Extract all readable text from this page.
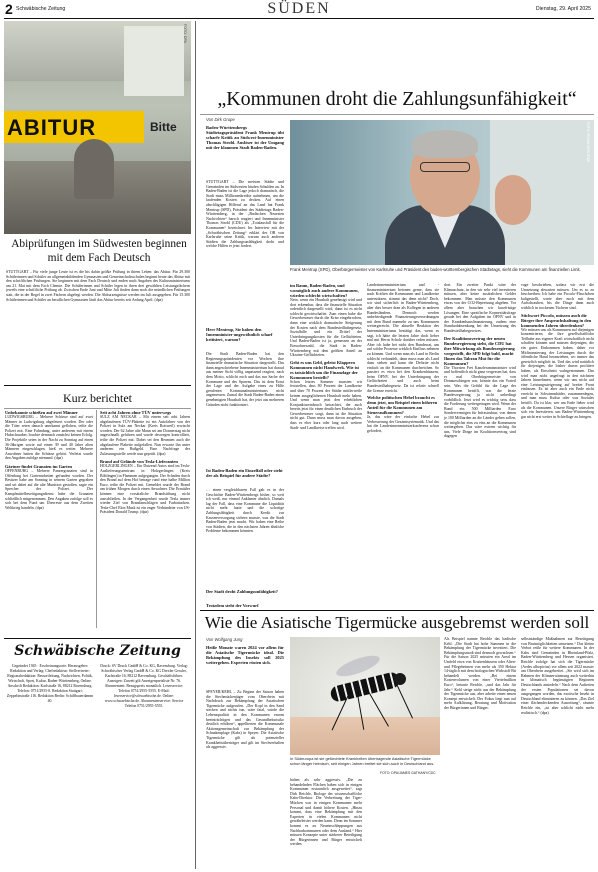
2 Schwäbische Zeitung	SÜDEN	Dienstag, 29. April 2025
ABITUR	Bitte
FOTO: DPA
Abiprüfungen im Südwesten beginnen mit dem Fach Deutsch
STUTTGART – Für viele junge Leute ist es die bis dahin größte Prüfung in ihrem Leben: das Abitur. Für 29.300 Schülerinnen und Schüler an allgemeinbildenden Gymnasien und Gemeinschaftsschulen beginnt heute das Abitur mit den schriftlichen Prüfungen. Sie beginnen mit dem Fach Deutsch und enden nach Angaben des Kultusministeriums am 21. Mai mit dem Fach Chemie. Die Schülerinnen und Schüler legen in ihren drei gewählten Leistungsfächern jeweils eine schriftliche Prüfung ab. Zwischen Ende Juni und Mitte Juli finden dann noch die mündlichen Prüfungen statt, die in der Regel in zwei Fächern abgelegt werden. Die Abiturzeugnisse werden im Juli ausgegeben. Für 15.300 Schülerinnen und Schüler an beruflichen Gymnasien läuft das Abitur bereits seit Anfang April. (dpa)
Kurz berichtet
Unbekannte schießen auf zwei Männer
LUDWIGSBURG – Mehrere Schüsse sind auf zwei Männer in Ludwigsburg abgefeuert worden. Der oder die Täter seien danach unerkannt geflohen, teilte die Polizei mit. Eine Fahndung, unter anderem mit einem Hubschrauber, brachte demnach zunächst keinen Erfolg. Die Projektile seien in der Nacht zu Sonntag auf einen 36-Jährigen sowie auf einen 39 und 40 Jahre alten Männern eingeschlagen, hieß es weiter. Mehrere Anwohner hatten die Schüsse gehört. Verletzt wurde den Angaben zufolge niemand. (dpa)
Gärtner findet Granaten im Garten
OFFENBURG – Mehrere Panzergranaten sind in Offenburg bei Gartenarbeiten gefunden worden. Der Besitzer habe am Sonntag in seinem Garten gegraben und sei dabei auf die alte Munition gestoßen, sagte ein Sprecher der Polizei. Der Kampfmittelbeseitigungsdienst habe die Granaten schließlich mitgenommen. Den Angaben zufolge soll es sich bei dem Fund um Überreste aus dem Zweiten Weltkrieg handeln. (dpa)
Seit acht Jahren ohne TÜV unterwegs
SULZ AM NECKAR – Mit einem seit acht Jahren abgelaufenen TÜV-Plakette ist ein Autofahrer von der Polizei in Sulz am Neckar (Kreis Rottweil) erwischt worden. Der 62 Jahre alte Mann sei am Donnerstag nicht angeschnallt gefahren und wurde deswegen kontrolliert, teilte die Polizei mit. Dabei sei den Beamten auch die abgelaufene Plakette aufgefallen. Nun erwarte ihn unter anderem ein Bußgeld. Eine Nachfrage der Zulassungsstelle werde nun geprüft. (dpa)
Brand auf Gelände von Tesla-Lieferanten
HOLZGERLINGEN – Ein Dutzend Autos sind im Tesla-Auslieferungszentrum in Holzgerlingen (Kreis Böblingen) in Flammen aufgegangen. Der Schaden durch den Brand auf dem Hof betrage rund eine halbe Million Euro, teilte die Polizei mit. Gemeldet wurde der Brand am frühen Morgen durch einen Anwohner. Die Ermittler können eine vorsätzliche Brandstiftung nicht ausschließen. In der Vergangenheit wurde Tesla immer wieder Ziel von Brandanschlägen und Farbattacken. Tesla-Chef Elon Musk ist ein enger Verbündeter von US-Präsident Donald Trump. (dpa)
Schwäbische Zeitung
Gegründet 1945 · Erscheinungsorte: Herausgeber: Redaktion und Verlag: Chefredakteur: Stellvertreter: Regionalredaktion: Ressortleitung, Nachrichten, Politik, Wirtschaft, Sport, Kultur, Baden-Württemberg, Online. Anschrift Redaktion: Karlstraße 16, 88212 Ravensburg. Telefon: 0751/2955-0. Redaktion Stuttgart: Zeppelinstraße 116. Redaktion Berlin: Schiffbauerdamm 40.
Druck: SV Druck GmbH & Co. KG, Ravensburg. Verlag: Schwäbischer Verlag GmbH & Co. KG Drexler Gessler, Karlstraße 16, 88212 Ravensburg. Geschäftsführer. Anzeigen: Zurzeit gilt Anzeigenpreisliste Nr. 76. Abonnement: Bezugspreis monatlich. Leserservice: Telefon 0751/2955-5555. E-Mail: leserservice@schwaebische.de. Online: www.schwaebische.de. Abonnentenservice: Service Telefon 0751/2955-5555.
„Kommunen droht die Zahlungsunfähigkeit“
Von Dirk Grupe
Baden-Württembergs Städtetagspräsident Frank Mentrup übt scharfe Kritik an Südwest-Innenminister Thomas Strobl. Auslöser ist der Umgang mit der klammen Stadt Baden-Baden.
STUTTGART – Die meisten Städte und Gemeinden im Südwesten häufen Schulden an. In Baden-Baden ist die Lage jedoch dramatisch, die Stadt muss Millionenkredite aufnehmen, um die laufenden Kosten zu decken. Auf einen abschlägigen Hilferuf an das Land hat Frank Mentrup (SPD), Präsident des Städtetags Baden-Württemberg, in der „Badischen Neuesten Nachrichten“ harsch reagiert und Innenminister Thomas Strobl (CDU) als „Totalausfall für die Kommunen“ bezeichnet. Im Interview mit der „Schwäbischen Zeitung“ erklärt der OB von Karlsruhe seine Kritik, warum auch anderen Städten die Zahlungsunfähigkeit droht und welche Hilfen er jetzt fordert.
Herr Mentrup, Sie haben den Innenminister ungewöhnlich scharf kritisiert, warum?
Die Stadt Baden-Baden hat den Regierungspräsidenten vor Wochen ihre finanzielle dramatische Situation dargestellt. Das dann angeschriebene Innenministerium hat darauf aus meiner Sicht völlig unpassend reagiert, nach dem Motto, schlicht euch und das nur Sache der Kommune und des Sparens. Das ist dem Ernst der Lage und der Aufgabe eines zu Hilfe gerufenen Kommunalministeriums nicht angemessen. Zumal die Stadt Baden-Baden einen genehmigten Haushalt hat, der jetzt aus mehreren Gründen nicht funktioniert.
Ist Baden-Baden ein Einzelfall oder steht der als Beispiel für andere Städte?
… einen vergleichbaren Fall gab es in der Geschichte Baden-Württembergs bisher, so weit ich weiß, nur einmal Anklamer ähnlich. Damals lag der Fall, dass eine Kommune die Liquidität nicht mehr hatte und die sofortige Zahlungsfähigkeit durch Kredit zur Kassenversorgung sichern musste, was die Stadt Baden-Baden jetzt macht. Wir haben eine Reihe von Städten, die in den nächsten Jahren ähnliche Probleme bekommen könnten.
Der Stadt droht Zahlungsunfähigkeit?
Trotzdem steht der Vorwurf
FOTO: FRANK MENTRUP
Frank Mentrup (SPD), Oberbürgermeister von Karlsruhe und Präsident des baden-württembergischen Städtetags, sieht die Kommunen am finanziellen Limit.
im Raum, Baden-Baden, und womöglich auch andere Kommunen, würden schlecht wirtschaften?
Nein, wenn ein Haushalt genehmigt wird und dort erkennbar, dass die finanzielle Situation ordentlich dargestellt wird, dann ist es nicht schlecht gewirtschaftet. Zum einen habe die Gewerbesteuer durch die Krise eingebrochen, dann eine wirklich dramatische Steigerung der Kosten nach dem Bundesteilhabegesetz, Sozialhilfe und ein Drittel der Unterbringungskosten für die Geflüchteten. Und Baden-Baden ist ja, gemessen an der Einwohnerzahl, die Stadt in Baden-Württemberg mit dem größten Anteil an Ukraine-Geflüchteten.
Geht es uns Geld, geleist Klappern Kommunen nicht Handwerk. Wie ist es tatsächlich um die Finanzlage der Kommunen bestellt?
Schon letztes Sommer mussten wir feststellen, dass 80 Prozent der Landkreise und über 70 Prozent der Städte mittlerweile keinen ausgeglichenen Haushalt mehr haben. Und wenn man jetzt den erheblichen Konjunktureinbruch betrachtet, der auch bereits jetzt für einen deutlichen Einbruch der Gewerbesteuer sorgt, dann ist die Situation nicht gut. Dann muss man davon ausgehen, dass es eher kurz oder lang auch weitere Stadt- und Landkreise treffen wird.
Landesinnenministerium und -finanzministerium betonen gerne, dass sie nach Kräften die Kommunen und Landkreise unterstützen, stimmt das denn nicht? Doch, wir sind sicherlich in Baden-Württemberg, aber dies besser dran als Kollegen in anderen Bundesländern. Dennoch werden unbefriedigende Finanzierungsverordnungen mit dem Bund nunmehr zu uns Kommunen weitergereicht. Die aktuelle Reaktion des Innenministeriums bestätigt das, wenn es sagt, ich hätte die letzten Jahre doch lieber mal mit Herrn Scholz darüber reden müssen. Aber ich habe bei nicht den Bundesrat, um auf solche Prozesse wirklich Einfluss nehmen zu können. Und wenn man als Land in Berlin schlecht verhandelt, dann muss man als Land dazu stehen und kann die Defizite nicht einfach an die Kommunen durchreichen. So passiert es etwa bei den Krankenhäusern, beim ÖPNV, bei der Unterbringung der Geflüchteten und auch beim Bundesteilhabegesetz. Da ist relativ schnell die Grenze erreicht.
Welche politischen Hebel braucht es denn jetzt, um Beispiel einen höheren Anteil für die Kommunen am Steueraufkommen?
Ja, das wäre der einfache Hebel zur Verbesserung der Gesamtsystematik. Und das hat die Landesinnenministerkonferenz schon gefordert,
dort. Ein zweiter Punkt wäre der Klimaschutz, in den wir sehr viel investieren müssen, aber keine zusätzlichen Gelder bekommen. Man müsste den Kommunen etwas von der CO2-Bepreisung abgeben. Vor allem aber brauchen wir kurzfristige Lösungen. Eine spezifische Konnexitätsfrage gerade bei den Aufgaben im ÖPNV und in der Krankenhausfinanzierung, zudem eine Standardabsenkung bei der Umsetzung des Bundesteilhabegesetzes.
Der Koalitionsvertrag der neuen Bundesregierung sieht, die CDU hat ihre Mitwirkung als Bundesregierung vorgestellt, die SPD folgt bald, macht Ihnen das Tabrau Mut für die Kommunen?
Die Thorsten Frei Kanzleramtsminister wird und hoffentlich nicht ganz vergessen hat, dass er mal Oberbürgermeister von Donaueschingen war, könnte das ein Vorteil sein. Was die Gefühl für die Lage der Kommunen betrifft, war die letzte Bundesregierung ja nicht unbedingt vorbildlich. Jetzt wird es wichtig sein, dass die Forderung weitergetragen wird. Wenn der Bund ein 500 Milliarden Euro Sondervermögen für Infrastruktur, von denen je 100 Milliarden an die Länder gehen sollen, die möglichst eins zu eins an die Kommunen weitergehen. Das wäre extrem wichtig für uns. Viele Dinge im Koalitionsvertrag sind dagegen
vage beschrieben, sodass wir erst die Umsetzung abwarten müssen. Um es so zu beschreiben: Ich habe ein Piccolo-Flaschchen kaltgestellt, warte aber noch mit dem Aufschrauben, bis die Dinge dann auch wirklich in trockenen Tüchern sind.
Stichwort Piccolo, müssen auch die Bürger ihre Anspruchshaltung in den kommenden Jahren überdenken?
Wir müssen uns als Kommunen auf diejenigen konzentrieren, die ihre gesellschaftliche Teilhabe aus eigener Kraft wirtschaftlich nicht schaffen können und müssen diejenigen, die ein gutes Einkommen haben, daher vor Mitfinanzierung der Leistungen durch die öffentliche Hand heranziehen, wo immer das gesetzlich möglich ist. Und das wird natürlich für diejenigen, die bisher davon profitiert haben, als Einschnitt wahrgenommen. Das wird man nicht ungefragt in den nächsten Jahren hinnehmen, wenn wir uns nicht auf eine Leistungssteigerung auf breiter Front einlassen. Es ist aber auch ein Ende nicht erreicht in Schwimmbäder, zusammenlegen, und man muss Kultur oder was Soziales betrifft. Da ist klar, wer am Ende lieber wird als die Kommunen. Unsere Bürger wünschen sich ein Investieren, um Baden-Württemberg gar nicht erst weiter in Schieflage zu bringen.
Wie die Asiatische Tigermücke ausgebremst werden soll
Von Wolfgang Jung
Heiße Monate waren 2024 vor allem für die Asiatische Tigermücke ideal. Die Bekämpfung des Insekts soll 2025 weitergehen. Experten rüsten sich.
SPEYER/KEHL – Zu Beginn der Saison haben die Stechmückenjäger vom Oberrhein mit Nachdruck zur Bekämpfung der Asiatischen Tigermücke aufgerufen. „Der Kopf in den Sand stecken und nichts tun, wäre fatal, würde die Lebensqualität in den Kommunen enorm beeinträchtigen und das Gesundheitsrisiko deutlich erhöhen“, appellierten die Kommunale Aktionsgemeinschaft zur Bekämpfung der Schnakenplage (Kabs) in Speyer. Die Asiatische Tigermücke gilt als potenzieller Krankheitsüberträger und gilt im Stechverhalten als aggressiv.
In Südeuropa ist sie gefürchtete Krankheiten übertragende Asiatische Tigermücke schon länger heimisch, seit einigen Jahren breitet sie sich auch in Deutschland aus.
FOTO: DPA/JAMES GATHANY/CDC
halten als sehr aggressiv. „Die zu behandelnden Flächen haben sich in einigen Kommunen erstaunlich ausgeweitet“, sagt Dirk Reichle, Biologe der wissenschaftliche Kabs-Direktor. Die Verbreitung der Tiger-Mücken war in einigen Kommunen mehr Personal und damit höhere Kosten. „Hinzu kommt, dass eine Bekämpfung mit den Experten in vielen Kommunen nicht gewährleistet werden kann. Denn im Sommer kommt es zu Neueinschleppungen aus Nachbarkommunen oder dem Ausland.“ Hier müssen Konzepte unter stärkerer Beteiligung der Bürgerinnen und Bürger entwickelt werden.
Als Beispiel nannte Reichle das badische Kehl. „Die Stadt hat hohe Summen in die Bekämpfung der Tigermücke investiert. Die Bekämpfungsmodi sind dennoch gewachsen.“ Für die Saison 2025 müssten ein Areal im Umfeld etwa von Kraisenhäusern oder Alten- und Pflegeheimen von mehr als 350 Hektar 14-täglich mit dem biologischen Wirkstoff Bti behandelt werden. „Bei einem Kostenvolumen von einer Viertelmillion Euro“, betonte Reichle, „und das Jahr für Jahr.“ Kehl steige nicht aus der Bekämpfung der Tigermücke aus, aber arbeite einen neuen Konzept entwickelt. Der Fokus liegt nun auf mehr Aufklärung, Beratung und Motivation der Bürgerinnen und Bürger.
selbstständige Maßnahmen zur Beseitigung von Brutmöglichkeiten umsetzen.“ Das kleine Verbot reiße für weitere Kommunen. In der Kabs sind Gemeinden in Rheinland-Pfalz, Baden-Württemberg und Hessen organisiert. Reichle zufolge hat sich die Tigermücke (Aedes albopictus) vor allem seit 2022 massiv am Oberrhein ausgebreitet. „Sie wird sich im Rahmen der Klimaerwärmung auch weiterhin in klimatisch begünstigten Regionen Deutschlands ansiedeln.“ Nach dem Auftreten der ersten Populationen sei davon ausgegangen worden, das exotische Insekt in Deutschland eliminieren zu können. „Das Ziel einer flächendeckenden Ausrottung“, räumte Reichle ein, „ist aber schlicht nicht mehr realistisch.“ (dpa)
